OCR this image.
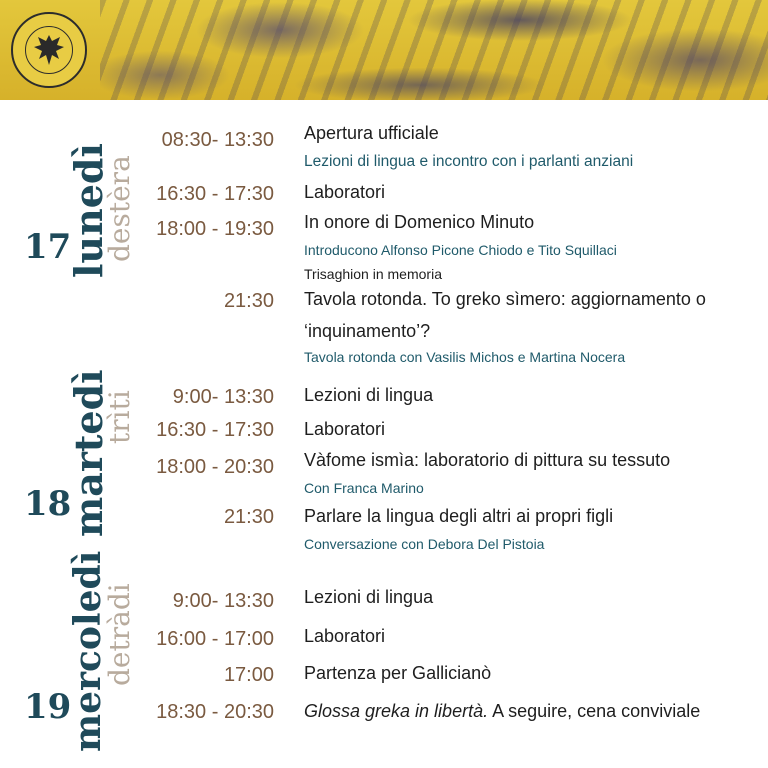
17
lunedì
destèra
08:30- 13:30 Apertura ufficiale
Lezioni di lingua e incontro con i parlanti anziani
16:30 - 17:30 Laboratori
18:00 - 19:30 In onore di Domenico Minuto
Introducono Alfonso Picone Chiodo e Tito Squillaci
Trisaghion in memoria
21:30 Tavola rotonda. To greko sìmero: aggiornamento o
‘inquinamento’?
Tavola rotonda con Vasilis Michos e Martina Nocera
18
martedì
trìti 9:00- 13:30 Lezioni di lingua
16:30 - 17:30 Laboratori
18:00 - 20:30 Vàfome ismìa: laboratorio di pittura su tessuto
Con Franca Marino
21:30 Parlare la lingua degli altri ai propri figli
Conversazione con Debora Del Pistoia
19
mercoledì
detràdi 9:00- 13:30 Lezioni di lingua
16:00 - 17:00 Laboratori
17:00 Partenza per Gallicianò
18:30 - 20:30 Glossa greka in libertà. A seguire, cena conviviale
